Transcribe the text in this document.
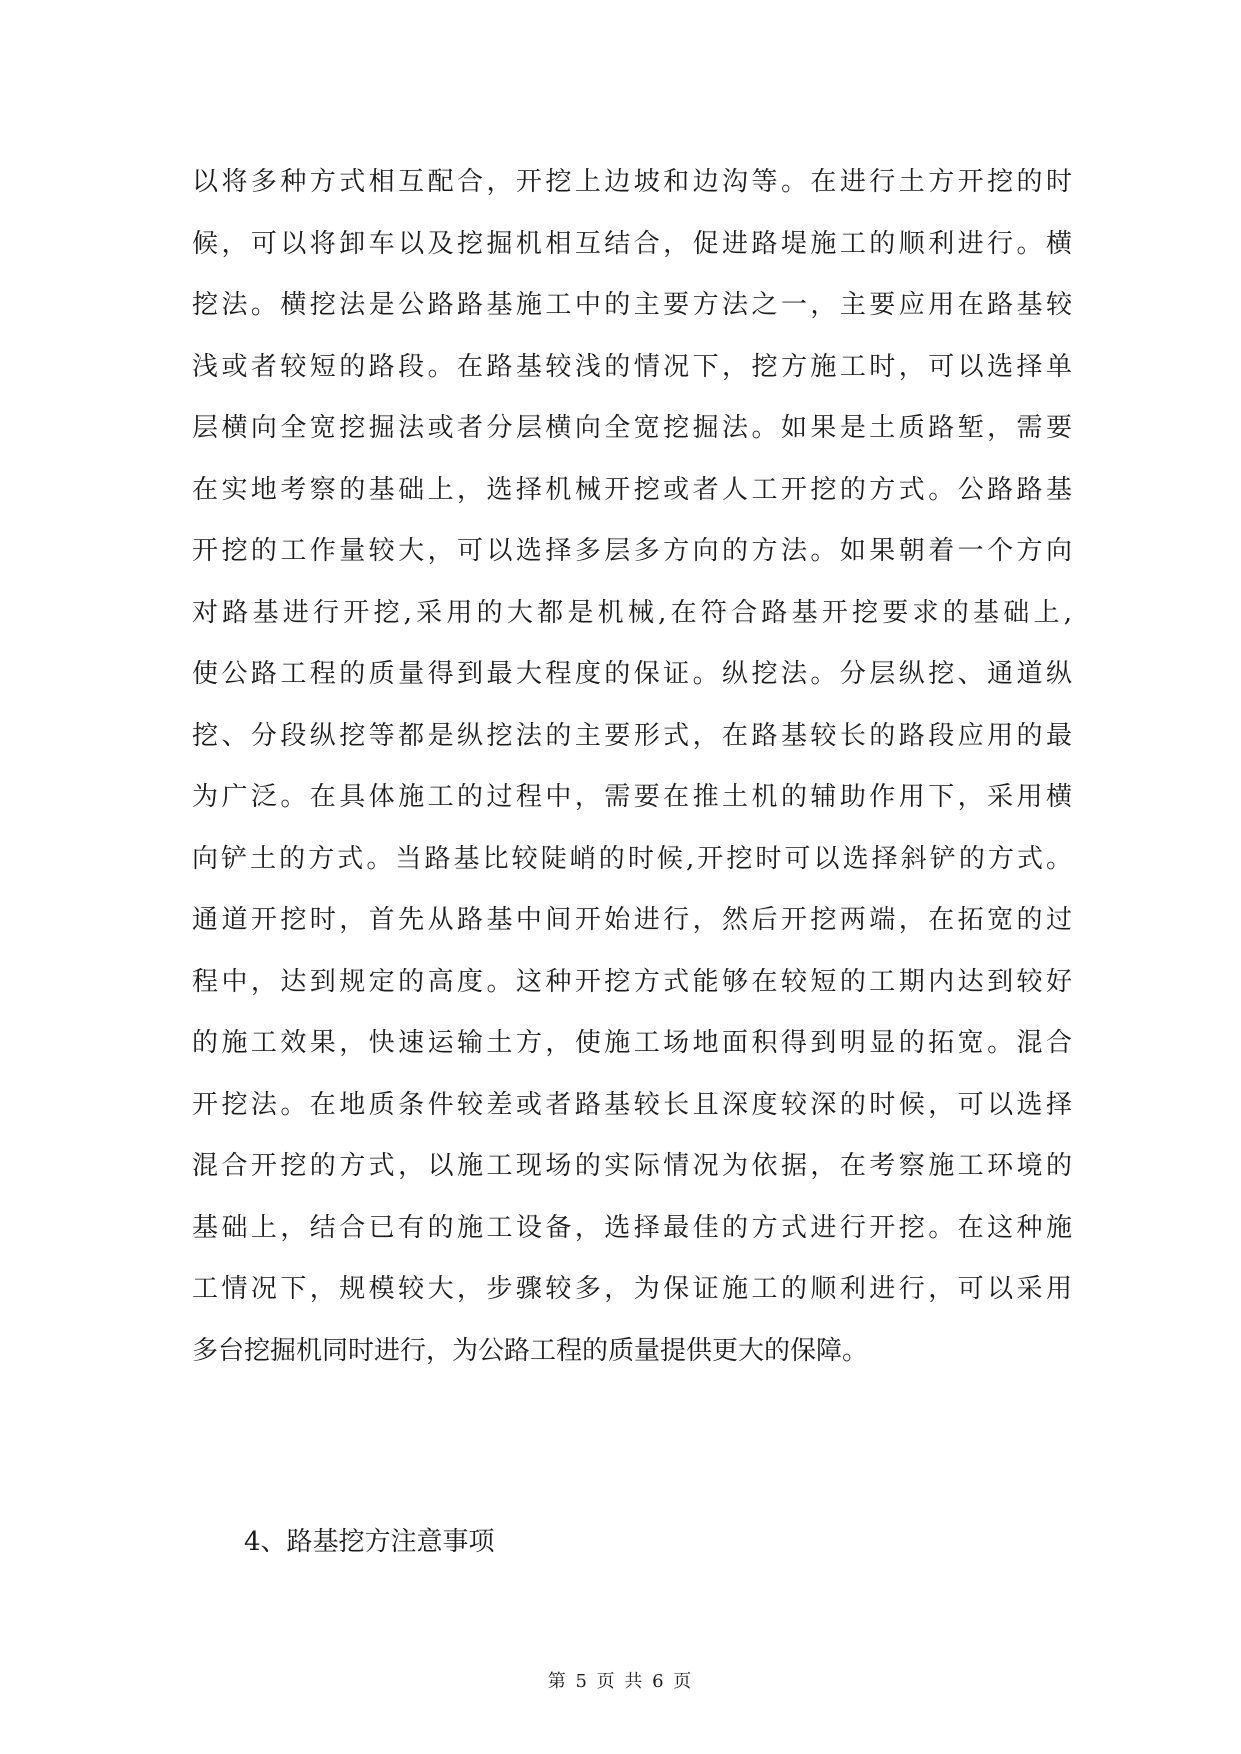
以将多种方式相互配合，开挖上边坡和边沟等。在进行土方开挖的时
候，可以将卸车以及挖掘机相互结合，促进路堤施工的顺利进行。横
挖法。横挖法是公路路基施工中的主要方法之一，主要应用在路基较
浅或者较短的路段。在路基较浅的情况下，挖方施工时，可以选择单
层横向全宽挖掘法或者分层横向全宽挖掘法。如果是土质路堑，需要
在实地考察的基础上，选择机械开挖或者人工开挖的方式。公路路基
开挖的工作量较大，可以选择多层多方向的方法。如果朝着一个方向
对路基进行开挖,采用的大都是机械,在符合路基开挖要求的基础上,
使公路工程的质量得到最大程度的保证。纵挖法。分层纵挖、通道纵
挖、分段纵挖等都是纵挖法的主要形式，在路基较长的路段应用的最
为广泛。在具体施工的过程中，需要在推土机的辅助作用下，采用横
向铲土的方式。当路基比较陡峭的时候,开挖时可以选择斜铲的方式。
通道开挖时，首先从路基中间开始进行，然后开挖两端，在拓宽的过
程中，达到规定的高度。这种开挖方式能够在较短的工期内达到较好
的施工效果，快速运输土方，使施工场地面积得到明显的拓宽。混合
开挖法。在地质条件较差或者路基较长且深度较深的时候，可以选择
混合开挖的方式，以施工现场的实际情况为依据，在考察施工环境的
基础上，结合已有的施工设备，选择最佳的方式进行开挖。在这种施
工情况下，规模较大，步骤较多，为保证施工的顺利进行，可以采用
多台挖掘机同时进行，为公路工程的质量提供更大的保障。
4、路基挖方注意事项
第 5 页 共 6 页
